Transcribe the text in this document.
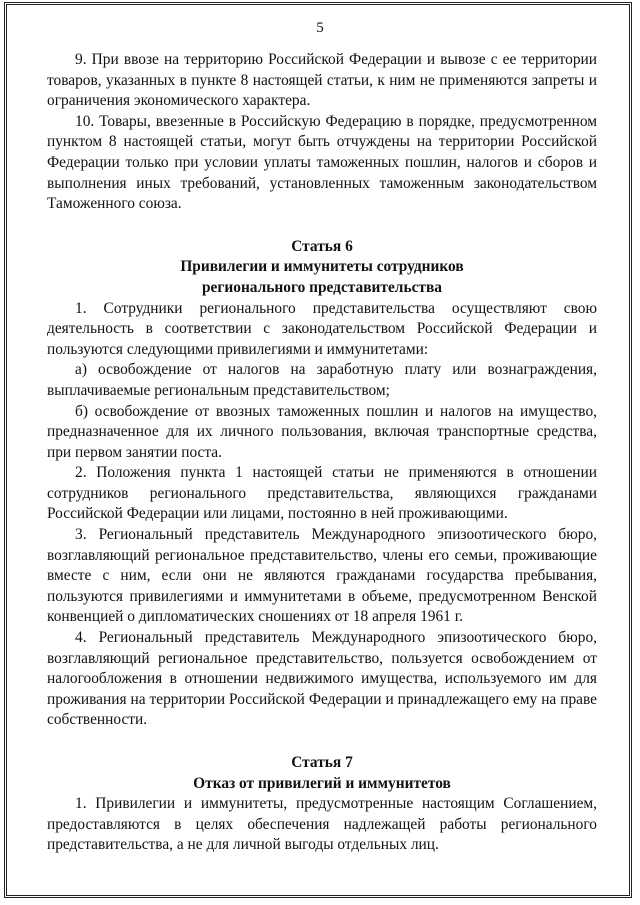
5

9. При ввозе на территорию Российской Федерации и вывозе с ее территории товаров, указанных в пункте 8 настоящей статьи, к ним не применяются запреты и ограничения экономического характера.

10. Товары, ввезенные в Российскую Федерацию в порядке, предусмотренном пунктом 8 настоящей статьи, могут быть отчуждены на территории Российской Федерации только при условии уплаты таможенных пошлин, налогов и сборов и выполнения иных требований, установленных таможенным законодательством Таможенного союза.

Статья 6
Привилегии и иммунитеты сотрудников
регионального представительства

1. Сотрудники регионального представительства осуществляют свою деятельность в соответствии с законодательством Российской Федерации и пользуются следующими привилегиями и иммунитетами:

а) освобождение от налогов на заработную плату или вознаграждения, выплачиваемые региональным представительством;

б) освобождение от ввозных таможенных пошлин и налогов на имущество, предназначенное для их личного пользования, включая транспортные средства, при первом занятии поста.

2. Положения пункта 1 настоящей статьи не применяются в отношении сотрудников регионального представительства, являющихся гражданами Российской Федерации или лицами, постоянно в ней проживающими.

3. Региональный представитель Международного эпизоотического бюро, возглавляющий региональное представительство, члены его семьи, проживающие вместе с ним, если они не являются гражданами государства пребывания, пользуются привилегиями и иммунитетами в объеме, предусмотренном Венской конвенцией о дипломатических сношениях от 18 апреля 1961 г.

4. Региональный представитель Международного эпизоотического бюро, возглавляющий региональное представительство, пользуется освобождением от налогообложения в отношении недвижимого имущества, используемого им для проживания на территории Российской Федерации и принадлежащего ему на праве собственности.

Статья 7
Отказ от привилегий и иммунитетов

1. Привилегии и иммунитеты, предусмотренные настоящим Соглашением, предоставляются в целях обеспечения надлежащей работы регионального представительства, а не для личной выгоды отдельных лиц.
